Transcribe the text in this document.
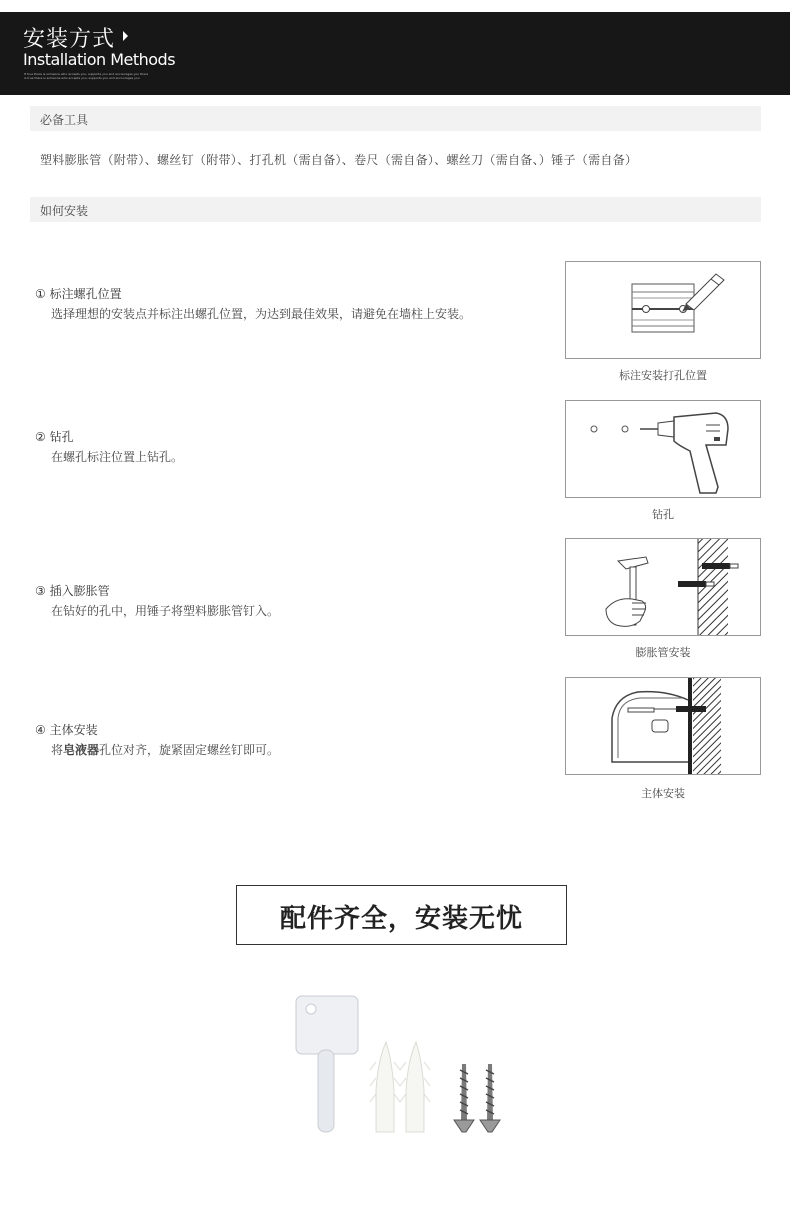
安装方式
Installation Methods
If true there is someone who accepts you, supports you and encourages you there
is true there is someone who accepts you, supports you and encourages you
必备工具
塑料膨胀管（附带）、螺丝钉（附带）、打孔机（需自备）、卷尺（需自备）、螺丝刀（需自备、）锤子（需自备）
如何安装
① 标注螺孔位置
选择理想的安装点并标注出螺孔位置，为达到最佳效果，请避免在墙柱上安装。
标注安装打孔位置
② 钻孔
在螺孔标注位置上钻孔。
钻孔
③ 插入膨胀管
在钻好的孔中，用锤子将塑料膨胀管钉入。
膨胀管安装
④ 主体安装
将皂液器孔位对齐，旋紧固定螺丝钉即可。
主体安装
配件齐全，安装无忧
